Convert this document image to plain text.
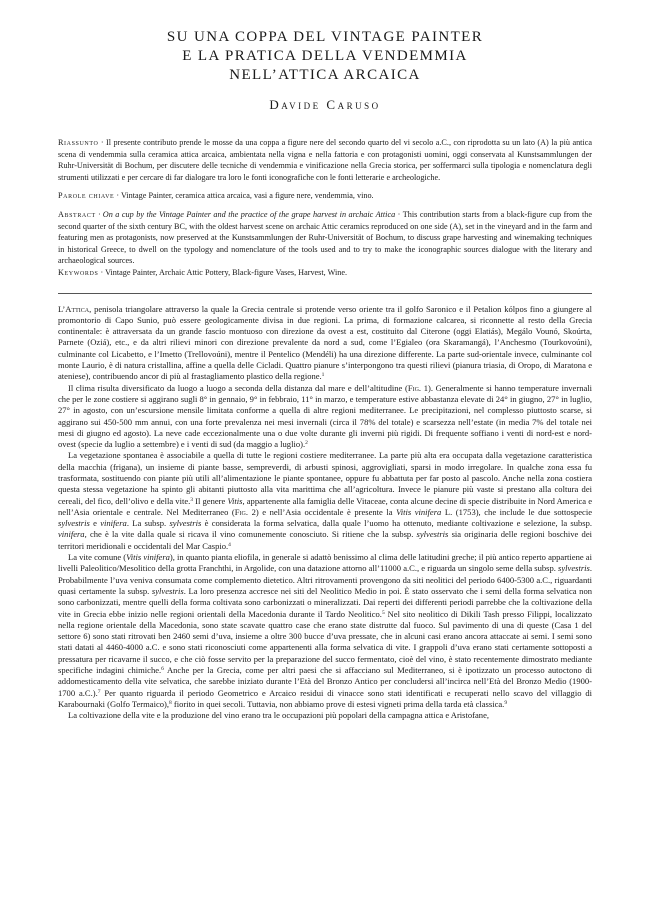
SU UNA COPPA DEL VINTAGE PAINTER
E LA PRATICA DELLA VENDEMMIA
NELL’ATTICA ARCAICA
Davide Caruso

Riassunto · Il presente contributo prende le mosse da una coppa a figure nere del secondo quarto del vi secolo a.C., con riprodotta su un lato (A) la più antica scena di vendemmia sulla ceramica attica arcaica, ambientata nella vigna e nella fattoria e con protagonisti uomini, oggi conservata al Kunstsammlungen der Ruhr-Universität di Bochum, per discutere delle tecniche di vendemmia e vinificazione nella Grecia storica, per soffermarci sulla tipologia e nomenclatura degli strumenti utilizzati e per cercare di far dialogare tra loro le fonti iconografiche con le fonti letterarie e archeologiche.

Parole chiave · Vintage Painter, ceramica attica arcaica, vasi a figure nere, vendemmia, vino.

Abstract · On a cup by the Vintage Painter and the practice of the grape harvest in archaic Attica · This contribution starts from a black-figure cup from the second quarter of the sixth century BC, with the oldest harvest scene on archaic Attic ceramics reproduced on one side (A), set in the vineyard and in the farm and featuring men as protagonists, now preserved at the Kunstsammlungen der Ruhr-Universität of Bochum, to discuss grape harvesting and winemaking techniques in historical Greece, to dwell on the typology and nomenclature of the tools used and to try to make the iconographic sources dialogue with the literary and archaeological sources.

Keywords · Vintage Painter, Archaic Attic Pottery, Black-figure Vases, Harvest, Wine.

L’Attica, penisola triangolare attraverso la quale la Grecia centrale si protende verso oriente tra il golfo Saronico e il Petalion kólpos fino a giungere al promontorio di Capo Sunio, può essere geologicamente divisa in due regioni. La prima, di formazione calcarea, si riconnette al resto della Grecia continentale: è attraversata da un grande fascio montuoso con direzione da ovest a est, costituito dal Citerone (oggi Elatiás), Megálo Vounó, Skoúrta, Parnete (Oziá), etc., e da altri rilievi minori con direzione prevalente da nord a sud, come l’Egialeo (ora Skaramangá), l’Anchesmo (Tourkovoúni), culminante col Licabetto, e l’Imetto (Trellovoúni), mentre il Pentelico (Mendéli) ha una direzione differente. La parte sud-orientale invece, culminante col monte Laurio, è di natura cristallina, affine a quella delle Cicladi. Quattro pianure s’interpongono tra questi rilievi (pianura triasia, di Oropo, di Maratona e ateniese), contribuendo ancor di più al frastagliamento plastico della regione.$^1$

Il clima risulta diversificato da luogo a luogo a seconda della distanza dal mare e dell’altitudine (Fig. 1). Generalmente si hanno temperature invernali che per le zone costiere si aggirano sugli 8° in gennaio, 9° in febbraio, 11° in marzo, e temperature estive abbastanza elevate di 24° in giugno, 27° in luglio, 27° in agosto, con un’escursione mensile limitata conforme a quella di altre regioni mediterranee. Le precipitazioni, nel complesso piuttosto scarse, si aggirano sui 450-500 mm annui, con una forte prevalenza nei mesi invernali (circa il 78% del totale) e scarsezza nell’estate (in media 7% del totale nei mesi di giugno ed agosto). La neve cade eccezionalmente una o due volte durante gli inverni più rigidi. Di frequente soffiano i venti di nord-est e nord-ovest (specie da luglio a settembre) e i venti di sud (da maggio a luglio).$^2$

La vegetazione spontanea è associabile a quella di tutte le regioni costiere mediterranee. La parte più alta era occupata dalla vegetazione caratteristica della macchia (frigana), un insieme di piante basse, sempreverdi, di arbusti spinosi, aggrovigliati, sparsi in modo irregolare. In qualche zona essa fu trasformata, sostituendo con piante più utili all’alimentazione le piante spontanee, oppure fu abbattuta per far posto al pascolo. Anche nella zona costiera questa stessa vegetazione ha spinto gli abitanti piuttosto alla vita marittima che all’agricoltura. Invece le pianure più vaste si prestano alla coltura dei cereali, del fico, dell’olivo e della vite.$^3$ Il genere Vitis, appartenente alla famiglia delle Vitaceae, conta alcune decine di specie distribuite in Nord America e nell’Asia orientale e centrale. Nel Mediterraneo (Fig. 2) e nell’Asia occidentale è presente la Vitis vinifera L. (1753), che include le due sottospecie sylvestris e vinifera. La subsp. sylvestris è considerata la forma selvatica, dalla quale l’uomo ha ottenuto, mediante coltivazione e selezione, la subsp. vinifera, che è la vite dalla quale si ricava il vino comunemente conosciuto. Si ritiene che la subsp. sylvestris sia originaria delle regioni boschive dei territori meridionali e occidentali del Mar Caspio.$^4$

La vite comune (Vitis vinifera), in quanto pianta eliofila, in generale si adattò benissimo al clima delle latitudini greche; il più antico reperto appartiene ai livelli Paleolitico/Mesolitico della grotta Franchthi, in Argolide, con una datazione attorno all’11000 a.C., e riguarda un singolo seme della subsp. sylvestris. Probabilmente l’uva veniva consumata come complemento dietetico. Altri ritrovamenti provengono da siti neolitici del periodo 6400-5300 a.C., riguardanti quasi certamente la subsp. sylvestris. La loro presenza accresce nei siti del Neolitico Medio in poi. È stato osservato che i semi della forma selvatica non sono carbonizzati, mentre quelli della forma coltivata sono carbonizzati o mineralizzati. Dai reperti dei differenti periodi parrebbe che la coltivazione della vite in Grecia ebbe inizio nelle regioni orientali della Macedonia durante il Tardo Neolitico.$^5$ Nel sito neolitico di Dikili Tash presso Filippi, localizzato nella regione orientale della Macedonia, sono state scavate quattro case che erano state distrutte dal fuoco. Sul pavimento di una di queste (Casa 1 del settore 6) sono stati ritrovati ben 2460 semi d’uva, insieme a oltre 300 bucce d’uva pressate, che in alcuni casi erano ancora attaccate ai semi. I semi sono stati datati al 4460-4000 a.C. e sono stati riconosciuti come appartenenti alla forma selvatica di vite. I grappoli d’uva erano stati certamente sottoposti a pressatura per ricavarne il succo, e che ciò fosse servito per la preparazione del succo fermentato, cioè del vino, è stato recentemente dimostrato mediante specifiche indagini chimiche.$^6$ Anche per la Grecia, come per altri paesi che si affacciano sul Mediterraneo, si è ipotizzato un processo autoctono di addomesticamento della vite selvatica, che sarebbe iniziato durante l’Età del Bronzo Antico per concludersi all’incirca nell’Età del Bronzo Medio (1900-1700 a.C.).$^7$ Per quanto riguarda il periodo Geometrico e Arcaico residui di vinacce sono stati identificati e recuperati nello scavo del villaggio di Karabournaki (Golfo Termaico),$^8$ fiorito in quei secoli. Tuttavia, non abbiamo prove di estesi vigneti prima della tarda età classica.$^9$

La coltivazione della vite e la produzione del vino erano tra le occupazioni più popolari della campagna attica e Aristofane,
